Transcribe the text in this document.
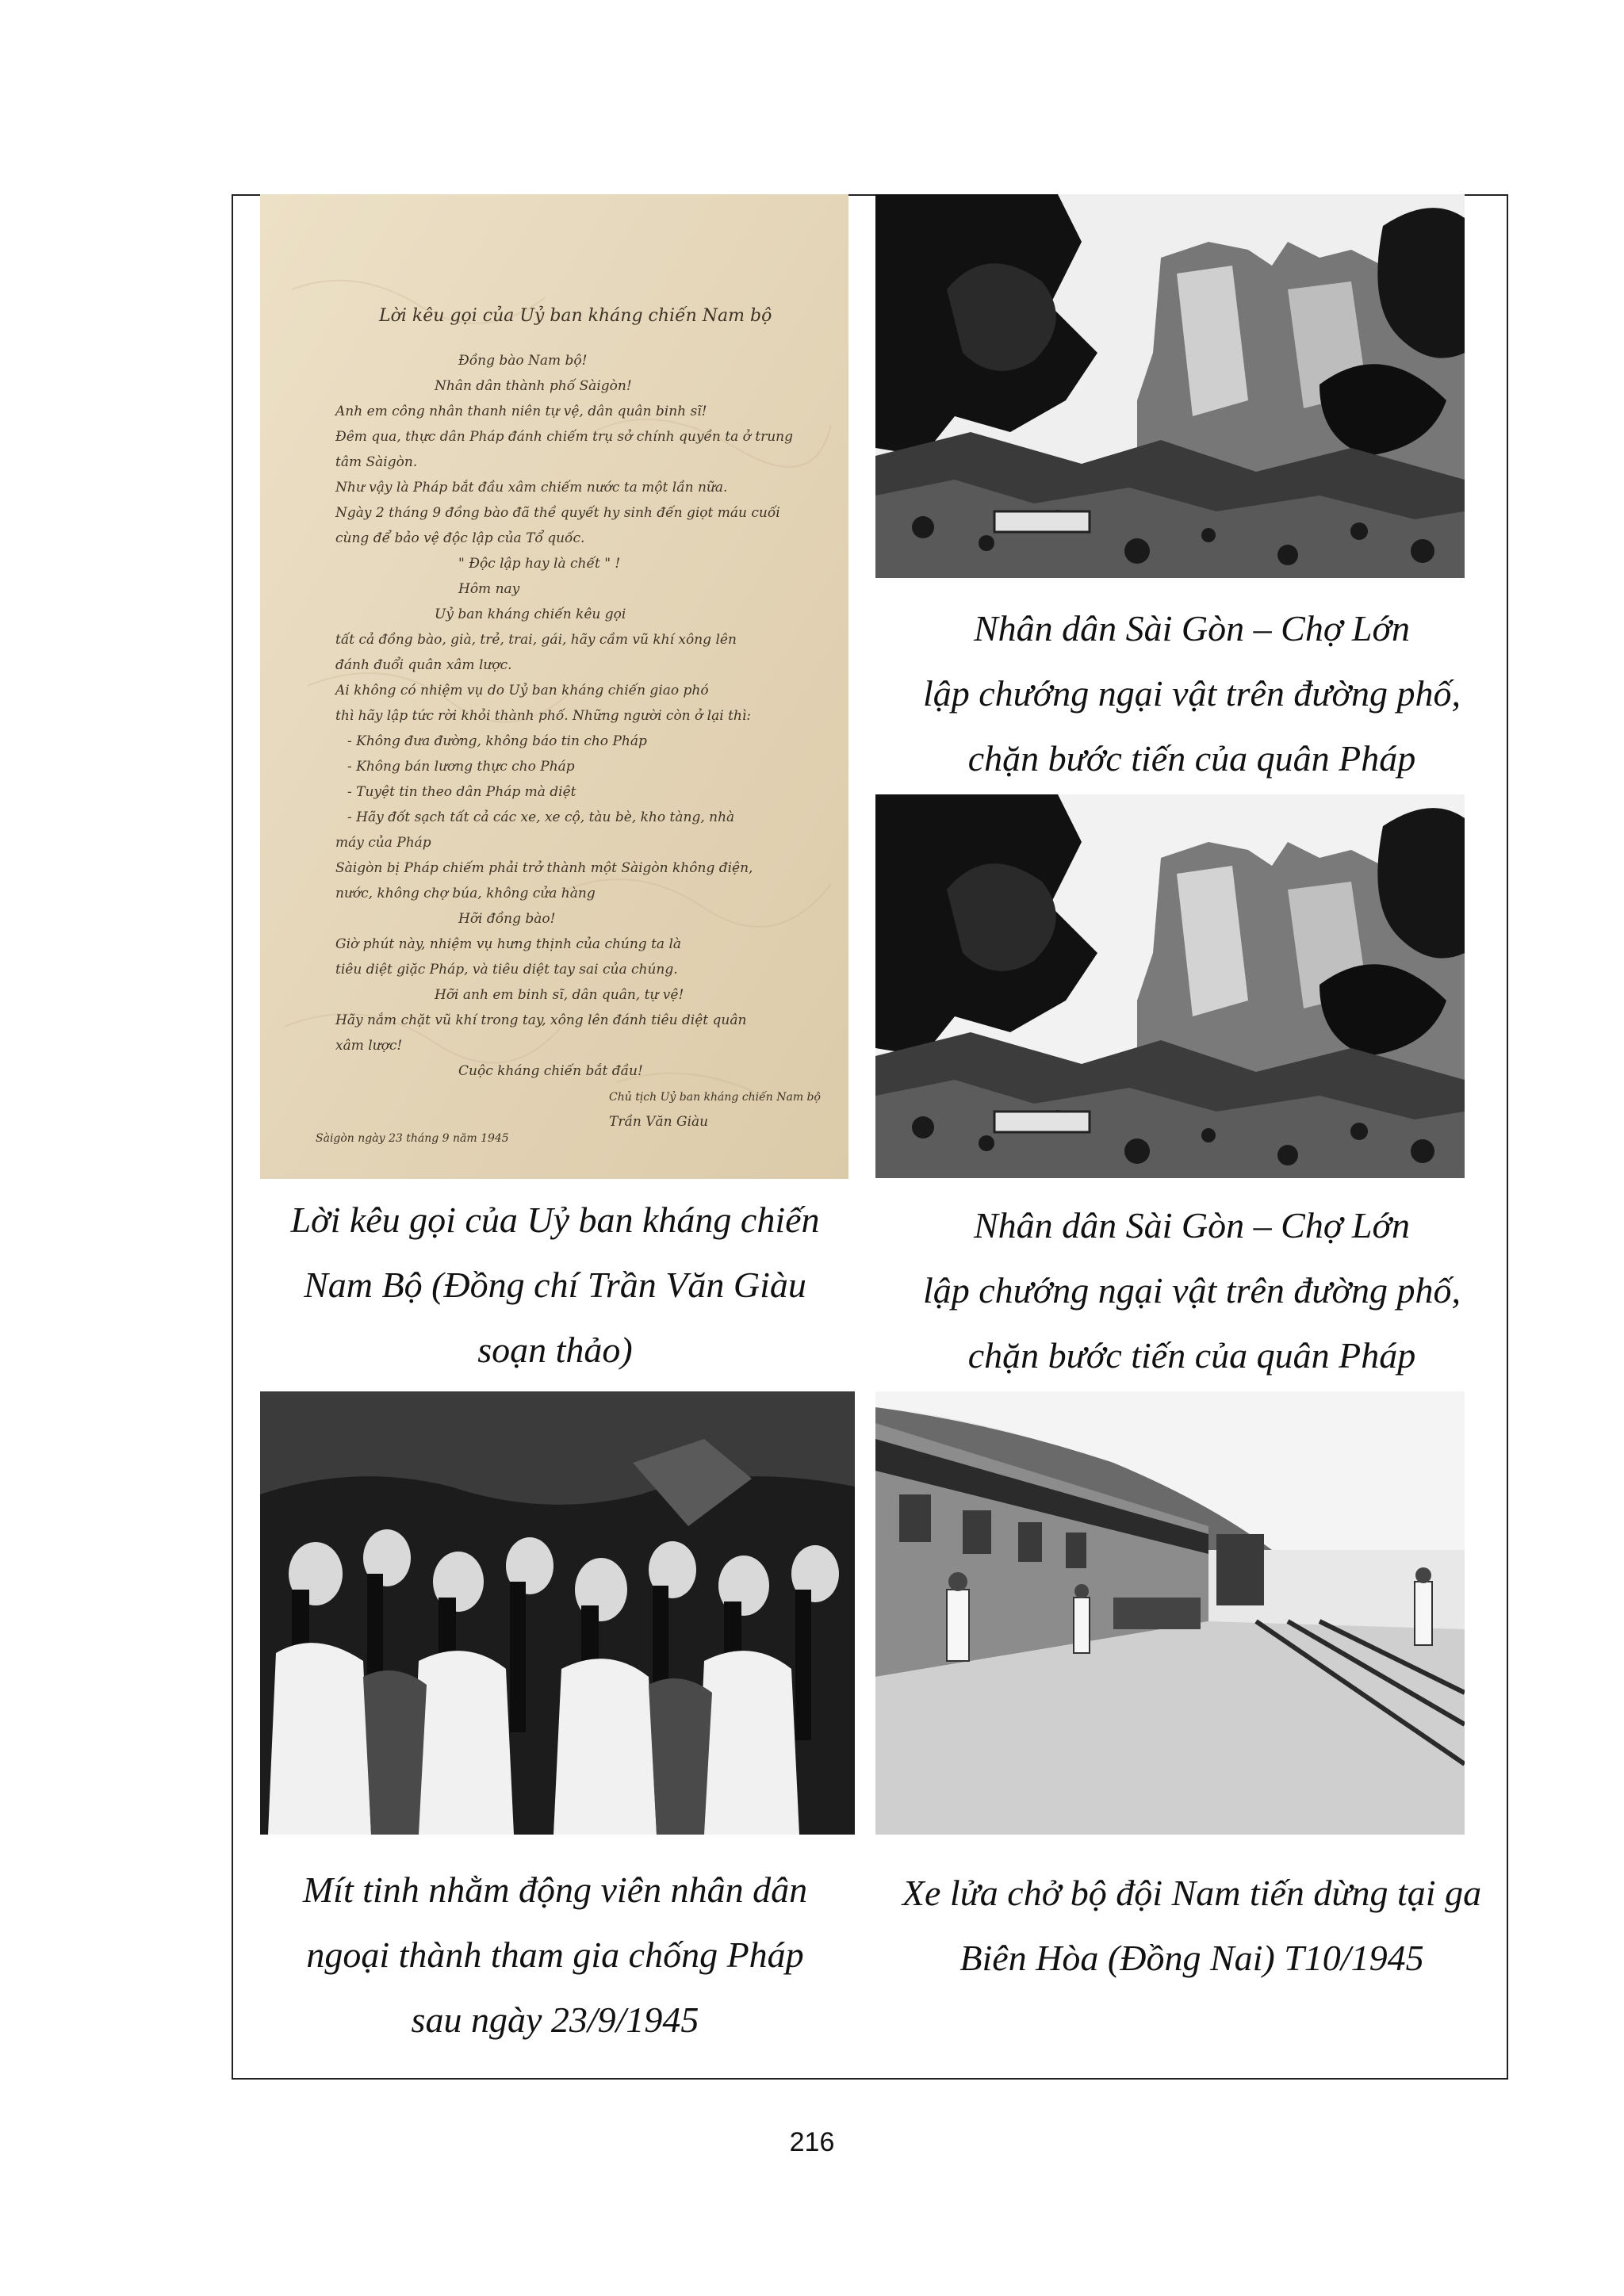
Lời kêu gọi của Uỷ ban kháng chiến Nam bộ
Đồng bào Nam bộ!
Nhân dân thành phố Sàigòn!
Anh em công nhân thanh niên tự vệ, dân quân binh sĩ!
Đêm qua, thực dân Pháp đánh chiếm trụ sở chính quyền ta ở trung
tâm Sàigòn.
Như vậy là Pháp bắt đầu xâm chiếm nước ta một lần nữa.
Ngày 2 tháng 9 đồng bào đã thề quyết hy sinh đến giọt máu cuối
cùng để bảo vệ độc lập của Tổ quốc.
" Độc lập hay là chết " !
Hôm nay
Uỷ ban kháng chiến kêu gọi
tất cả đồng bào, già, trẻ, trai, gái, hãy cầm vũ khí xông lên
đánh đuổi quân xâm lược.
Ai không có nhiệm vụ do Uỷ ban kháng chiến giao phó
thì hãy lập tức rời khỏi thành phố. Những người còn ở lại thì:
- Không đưa đường, không báo tin cho Pháp
- Không bán lương thực cho Pháp
- Tuyệt tin theo dân Pháp mà diệt
- Hãy đốt sạch tất cả các xe, xe cộ, tàu bè, kho tàng, nhà
máy của Pháp
Sàigòn bị Pháp chiếm phải trở thành một Sàigòn không điện,
nước, không chợ búa, không cửa hàng
Hỡi đồng bào!
Giờ phút này, nhiệm vụ hưng thịnh của chúng ta là
tiêu diệt giặc Pháp, và tiêu diệt tay sai của chúng.
Hỡi anh em binh sĩ, dân quân, tự vệ!
Hãy nắm chặt vũ khí trong tay, xông lên đánh tiêu diệt quân
xâm lược!
Cuộc kháng chiến bắt đầu!
Chủ tịch Uỷ ban kháng chiến Nam bộ
Trần Văn Giàu
Sàigòn ngày 23 tháng 9 năm 1945
Lời kêu gọi của Uỷ ban kháng chiến
Nam Bộ (Đồng chí Trần Văn Giàu
soạn thảo)
Nhân dân Sài Gòn – Chợ Lớn
lập chướng ngại vật trên đường phố,
chặn bước tiến của quân Pháp
Nhân dân Sài Gòn – Chợ Lớn
lập chướng ngại vật trên đường phố,
chặn bước tiến của quân Pháp
Mít tinh nhằm động viên nhân dân
ngoại thành tham gia chống Pháp
sau ngày 23/9/1945
Xe lửa chở bộ đội Nam tiến dừng tại ga
Biên Hòa (Đồng Nai) T10/1945
216
